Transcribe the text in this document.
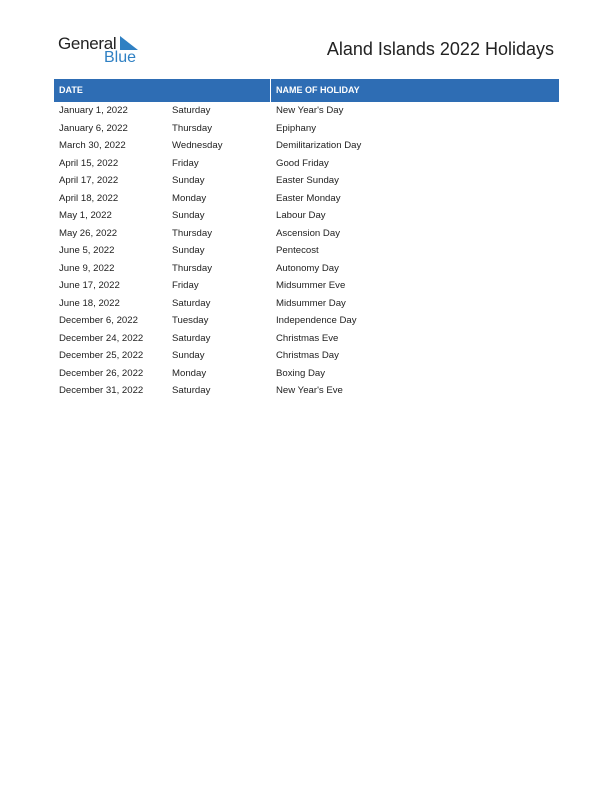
General
Blue	Aland Islands 2022 Holidays
DATE	NAME OF HOLIDAY
January 1, 2022	Saturday	New Year's Day
January 6, 2022	Thursday	Epiphany
March 30, 2022	Wednesday	Demilitarization Day
April 15, 2022	Friday	Good Friday
April 17, 2022	Sunday	Easter Sunday
April 18, 2022	Monday	Easter Monday
May 1, 2022	Sunday	Labour Day
May 26, 2022	Thursday	Ascension Day
June 5, 2022	Sunday	Pentecost
June 9, 2022	Thursday	Autonomy Day
June 17, 2022	Friday	Midsummer Eve
June 18, 2022	Saturday	Midsummer Day
December 6, 2022	Tuesday	Independence Day
December 24, 2022	Saturday	Christmas Eve
December 25, 2022	Sunday	Christmas Day
December 26, 2022	Monday	Boxing Day
December 31, 2022	Saturday	New Year's Eve
